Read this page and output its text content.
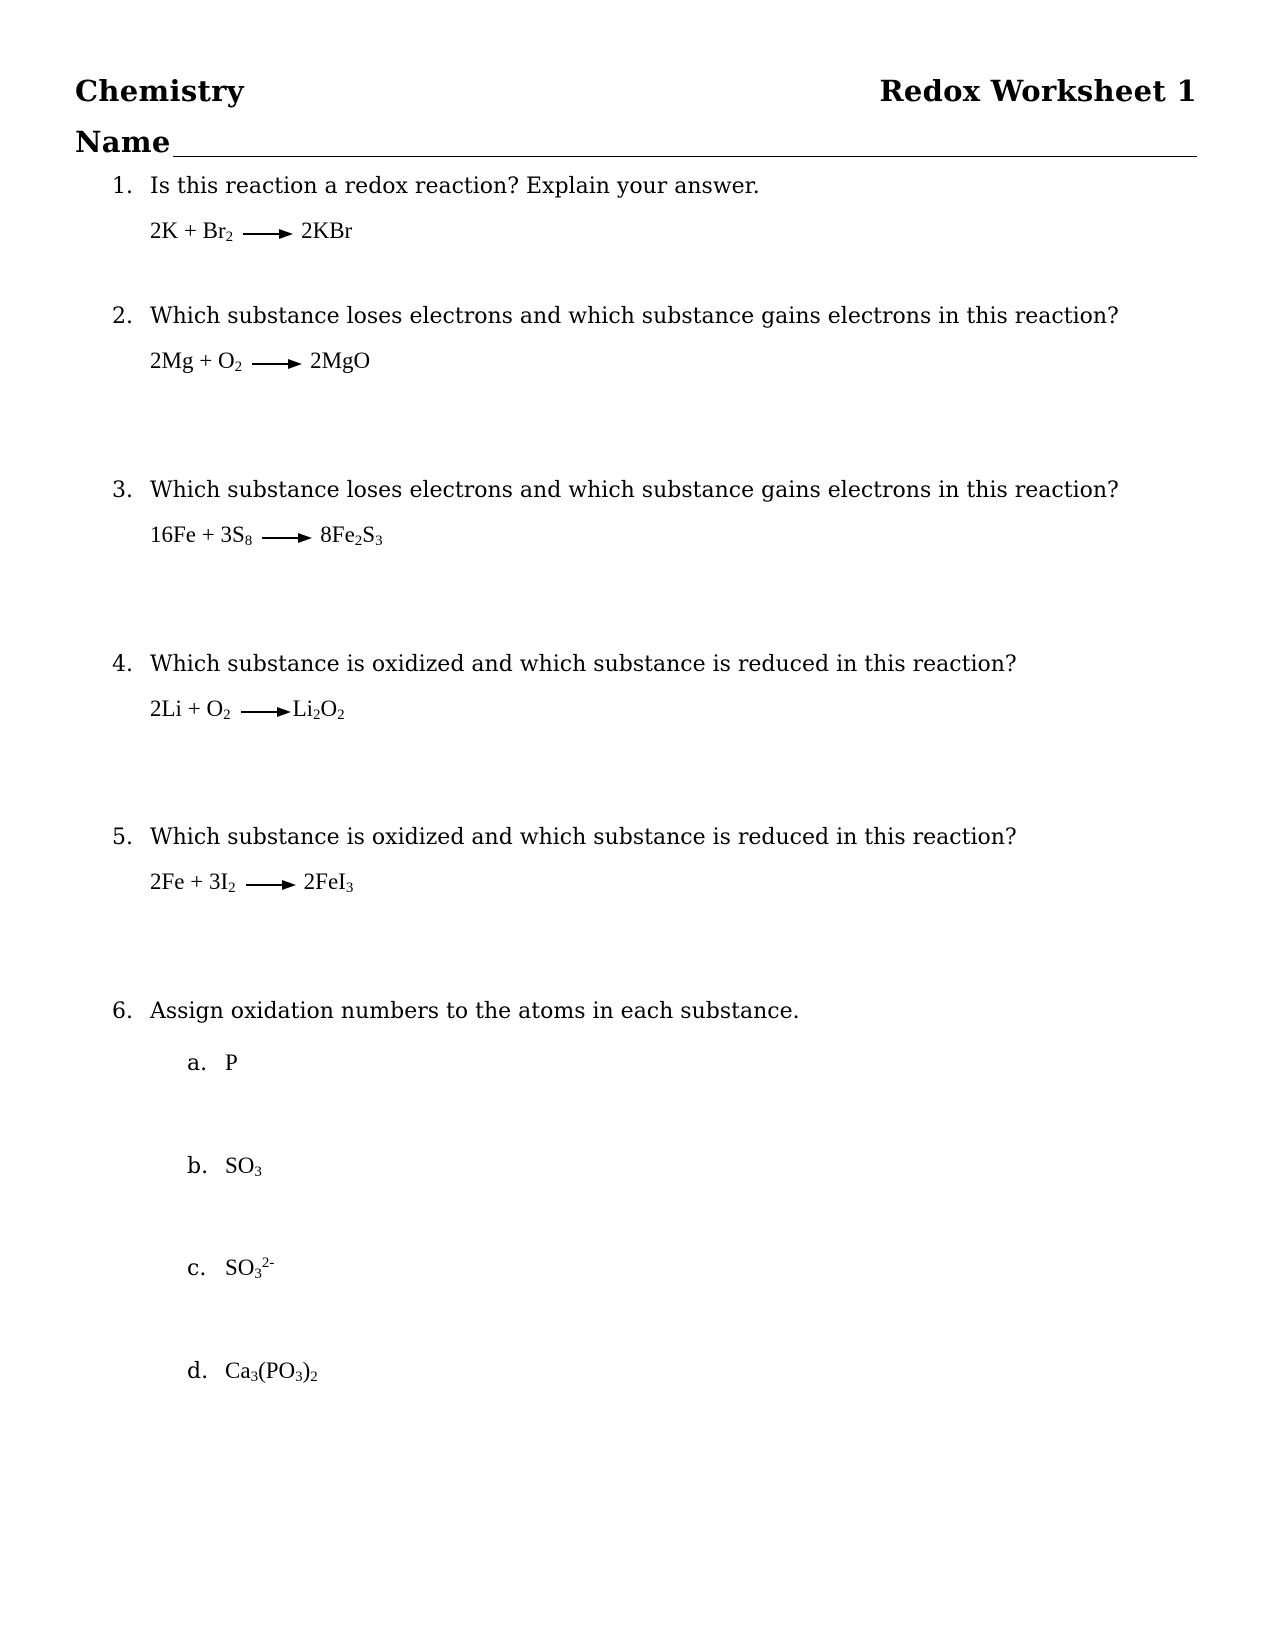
Chemistry	Redox Worksheet 1
Name
1. Is this reaction a redox reaction? Explain your answer.
$2K + Br_2 \to 2KBr$
2. Which substance loses electrons and which substance gains electrons in this reaction?
$2Mg + O_2 \to 2MgO$
3. Which substance loses electrons and which substance gains electrons in this reaction?
$16Fe + 3S_8 \to 8Fe_2S_3$
4. Which substance is oxidized and which substance is reduced in this reaction?
$2Li + O_2 \to Li_2O_2$
5. Which substance is oxidized and which substance is reduced in this reaction?
$2Fe + 3I_2 \to 2FeI_3$
6. Assign oxidation numbers to the atoms in each substance.
a. P
b. $SO_3$
c. $SO_3^{2-}$
d. $Ca_3(PO_3)_2$
